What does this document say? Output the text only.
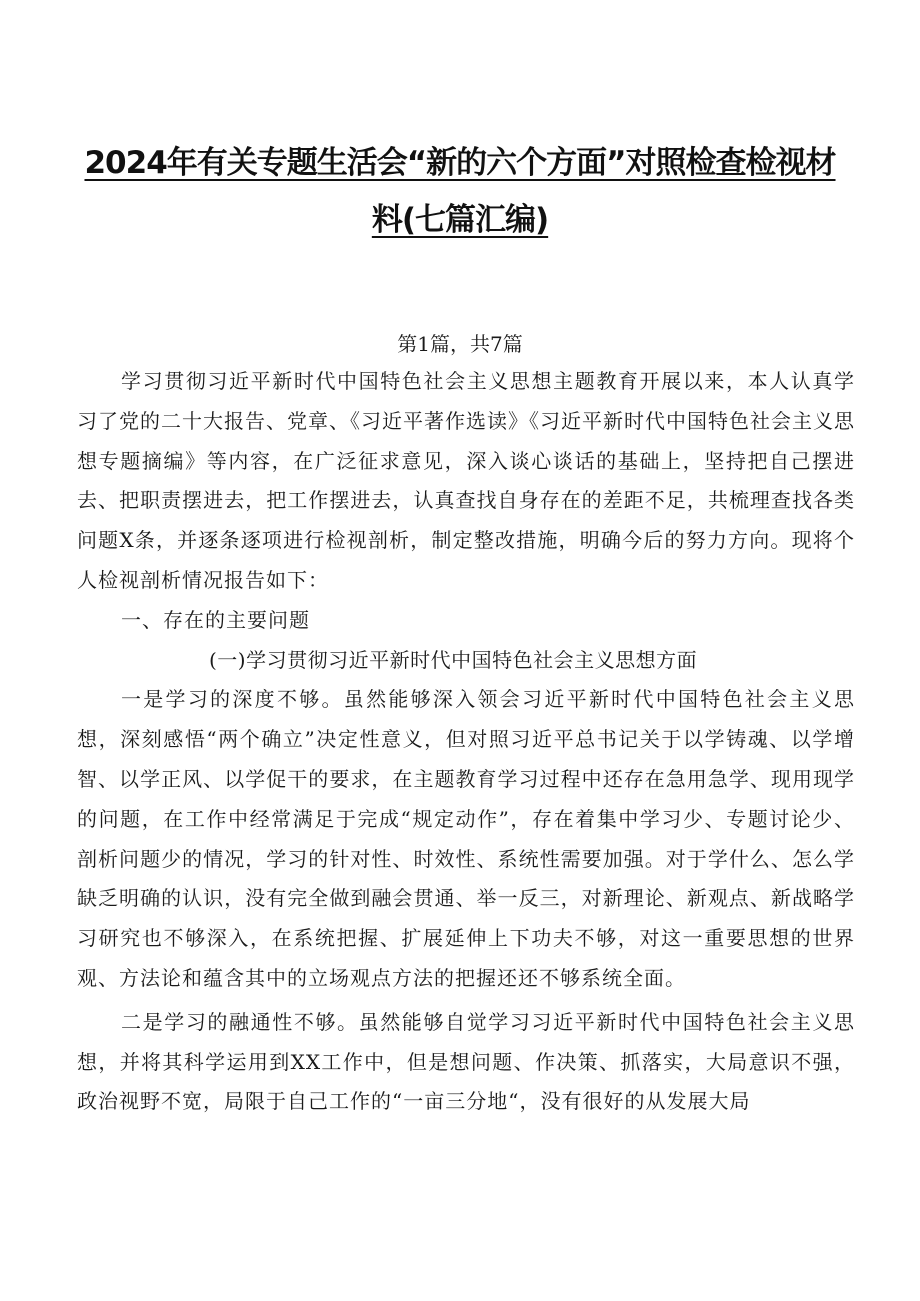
2024年有关专题生活会“新的六个方面”对照检查检视材
料(七篇汇编)
第1篇，共7篇

学习贯彻习近平新时代中国特色社会主义思想主题教育开展以来，本人认真学习了党的二十大报告、党章、《习近平著作选读》《习近平新时代中国特色社会主义思想专题摘编》等内容，在广泛征求意见，深入谈心谈话的基础上，坚持把自己摆进去、把职责摆进去，把工作摆进去，认真查找自身存在的差距不足，共梳理查找各类问题X条，并逐条逐项进行检视剖析，制定整改措施，明确今后的努力方向。现将个人检视剖析情况报告如下：

一、存在的主要问题

(一)学习贯彻习近平新时代中国特色社会主义思想方面

一是学习的深度不够。虽然能够深入领会习近平新时代中国特色社会主义思想，深刻感悟“两个确立”决定性意义，但对照习近平总书记关于以学铸魂、以学增智、以学正风、以学促干的要求，在主题教育学习过程中还存在急用急学、现用现学的问题，在工作中经常满足于完成“规定动作”，存在着集中学习少、专题讨论少、剖析问题少的情况，学习的针对性、时效性、系统性需要加强。对于学什么、怎么学缺乏明确的认识，没有完全做到融会贯通、举一反三，对新理论、新观点、新战略学习研究也不够深入，在系统把握、扩展延伸上下功夫不够，对这一重要思想的世界观、方法论和蕴含其中的立场观点方法的把握还还不够系统全面。

二是学习的融通性不够。虽然能够自觉学习习近平新时代中国特色社会主义思想，并将其科学运用到XX工作中，但是想问题、作决策、抓落实，大局意识不强，政治视野不宽，局限于自己工作的“一亩三分地“，没有很好的从发展大局
